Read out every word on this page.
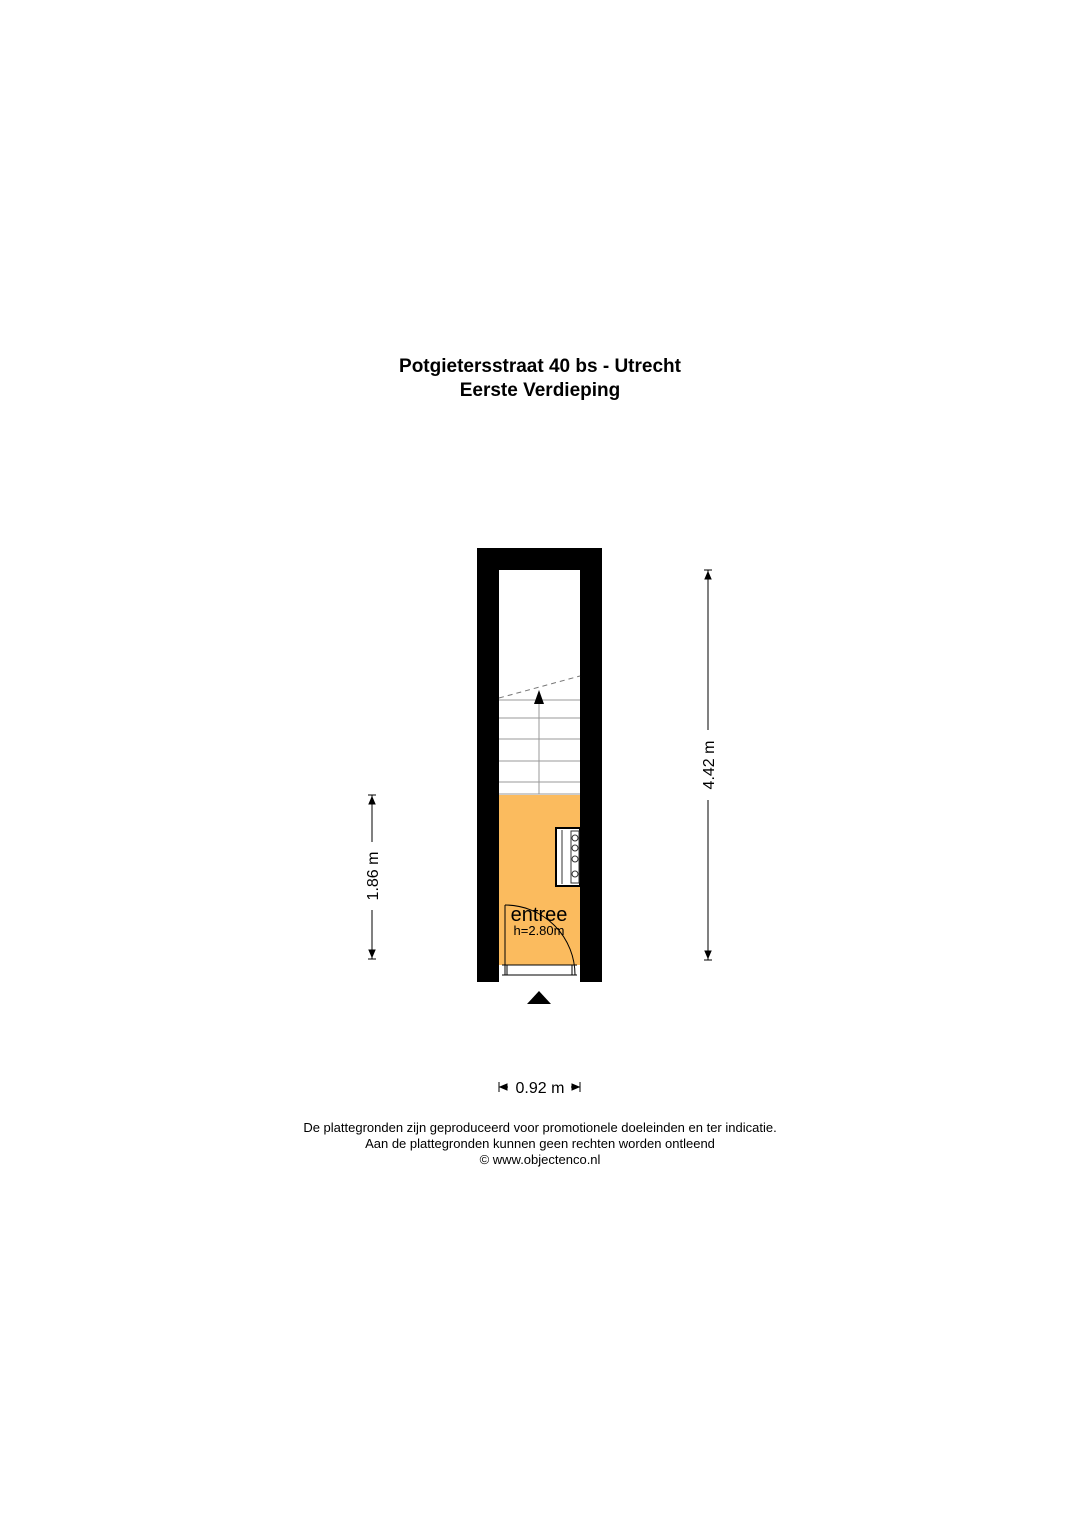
Potgietersstraat 40 bs - Utrecht
Eerste Verdieping
entree
h=2.80m
4.42 m
1.86 m
0.92 m
De plattegronden zijn geproduceerd voor promotionele doeleinden en ter indicatie.
Aan de plattegronden kunnen geen rechten worden ontleend
© www.objectenco.nl
